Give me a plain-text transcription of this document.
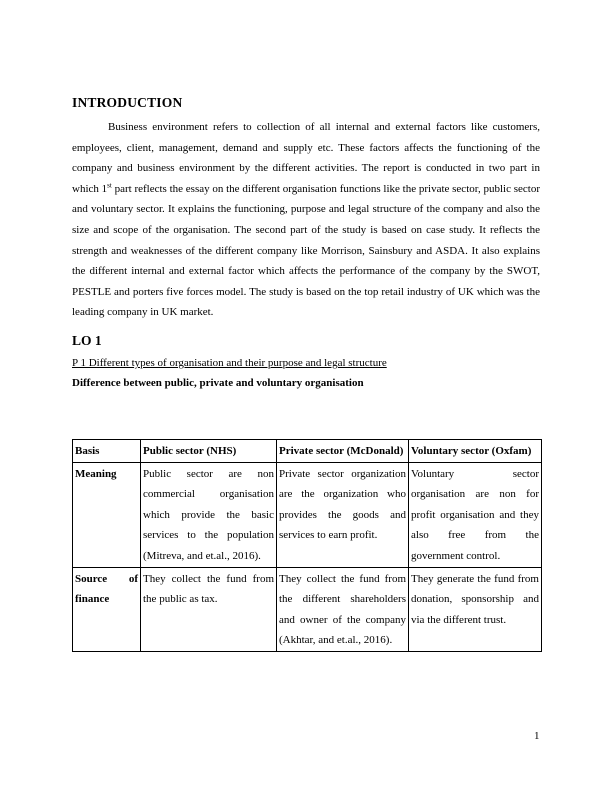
INTRODUCTION

Business environment refers to collection of all internal and external factors like customers, employees, client, management, demand and supply etc. These factors affects the functioning of the company and business environment by the different activities. The report is conducted in two part in which 1st part reflects the essay on the different organisation functions like the private sector, public sector and voluntary sector. It explains the functioning, purpose and legal structure of the company and also the size and scope of the organisation. The second part of the study is based on case study. It reflects the strength and weaknesses of the different company like Morrison, Sainsbury and ASDA. It also explains the different internal and external factor which affects the performance of the company by the SWOT, PESTLE and porters five forces model. The study is based on the top retail industry of UK which was the leading company in UK market.

LO 1

P 1 Different types of organisation and their purpose and legal structure

Difference between public, private and voluntary organisation

Basis	Public sector (NHS)	Private sector (McDonald)	Voluntary sector (Oxfam)
Meaning	Public sector are non commercial organisation which provide the basic services to the population (Mitreva, and et.al., 2016).	Private sector organization are the organization who provides the goods and services to earn profit.	Voluntary sector organisation are non for profit organisation and they also free from the government control.
Source of finance	They collect the fund from the public as tax.	They collect the fund from the different shareholders and owner of the company (Akhtar, and et.al., 2016).	They generate the fund from donation, sponsorship and via the different trust.
1
